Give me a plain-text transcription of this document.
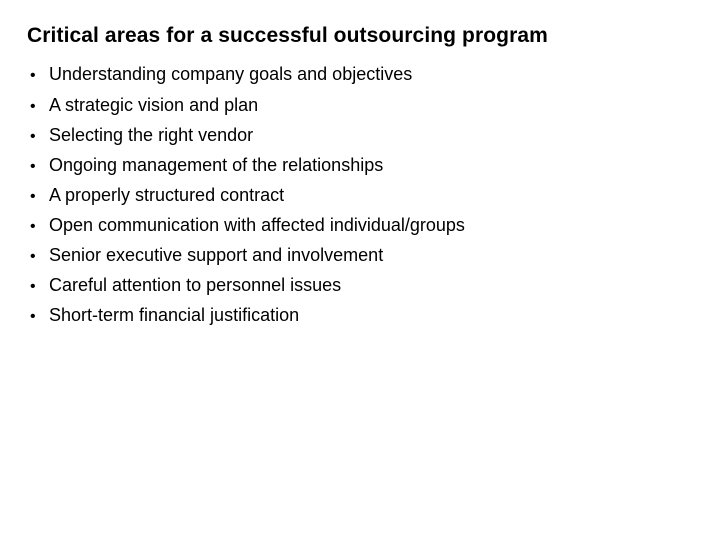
Critical areas for a successful outsourcing program
• Understanding company goals and objectives
• A strategic vision and plan
• Selecting the right vendor
• Ongoing management of the relationships
• A properly structured contract
• Open communication with affected individual/groups
• Senior executive support and involvement
• Careful attention to personnel issues
• Short-term financial justification
